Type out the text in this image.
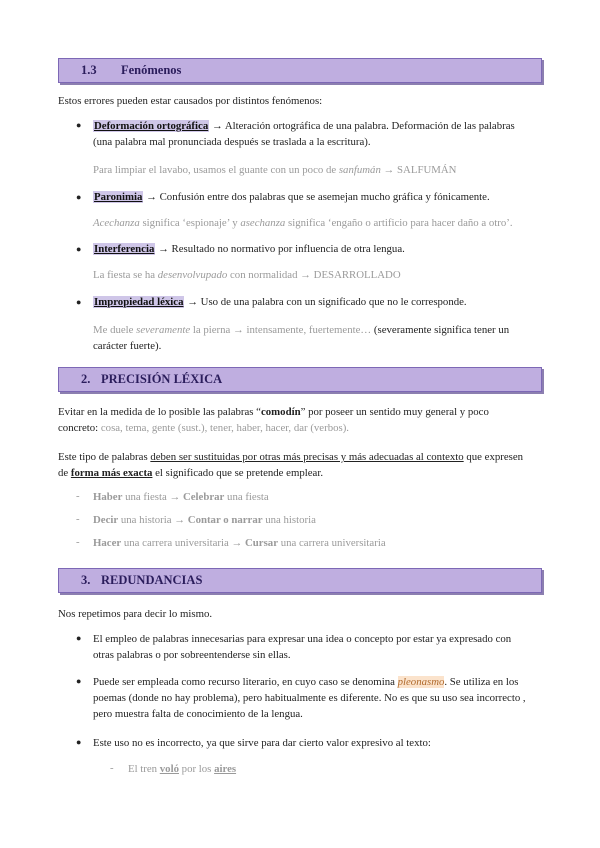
1.3 Fenómenos
Estos errores pueden estar causados por distintos fenómenos:
● Deformación ortográfica → Alteración ortográfica de una palabra. Deformación de las palabras
(una palabra mal pronunciada después se traslada a la escritura).
Para limpiar el lavabo, usamos el guante con un poco de sanfumán → SALFUMÁN
● Paronimia → Confusión entre dos palabras que se asemejan mucho gráfica y fónicamente.
Acechanza significa ‘espionaje’ y asechanza significa ‘engaño o artificio para hacer daño a otro’.
● Interferencia → Resultado no normativo por influencia de otra lengua.
La fiesta se ha desenvolvupado con normalidad → DESARROLLADO
● Impropiedad léxica → Uso de una palabra con un significado que no le corresponde.
Me duele severamente la pierna → intensamente, fuertemente… (severamente significa tener un
carácter fuerte).
2. PRECISIÓN LÉXICA
Evitar en la medida de lo posible las palabras “comodín” por poseer un sentido muy general y poco
concreto: cosa, tema, gente (sust.), tener, haber, hacer, dar (verbos).
Este tipo de palabras deben ser sustituidas por otras más precisas y más adecuadas al contexto que expresen
de forma más exacta el significado que se pretende emplear.
- Haber una fiesta → Celebrar una fiesta
- Decir una historia → Contar o narrar una historia
- Hacer una carrera universitaria → Cursar una carrera universitaria
3. REDUNDANCIAS
Nos repetimos para decir lo mismo.
● El empleo de palabras innecesarias para expresar una idea o concepto por estar ya expresado con
otras palabras o por sobreentenderse sin ellas.
● Puede ser empleada como recurso literario, en cuyo caso se denomina pleonasmo. Se utiliza en los
poemas (donde no hay problema), pero habitualmente es diferente. No es que su uso sea incorrecto ,
pero muestra falta de conocimiento de la lengua.
● Este uso no es incorrecto, ya que sirve para dar cierto valor expresivo al texto:
- El tren voló por los aires
